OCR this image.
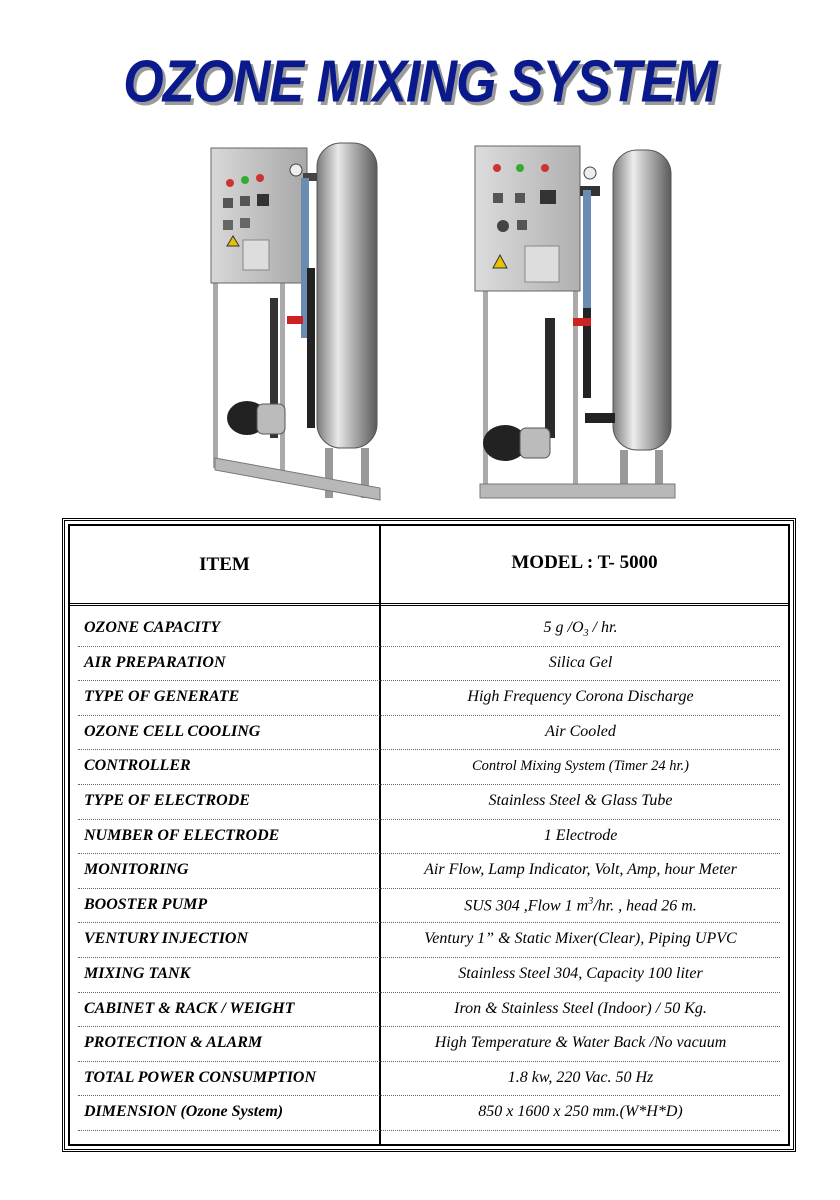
OZONE MIXING SYSTEM
ITEM	MODEL : T- 5000
OZONE CAPACITY	5 g $/O_3$ / hr.
AIR PREPARATION	Silica Gel
TYPE OF GENERATE	High Frequency Corona Discharge
OZONE CELL COOLING	Air Cooled
CONTROLLER	Control Mixing System (Timer 24 hr.)
TYPE OF ELECTRODE	Stainless Steel & Glass Tube
NUMBER OF ELECTRODE	1 Electrode
MONITORING	Air Flow, Lamp Indicator, Volt, Amp, hour Meter
BOOSTER PUMP	SUS 304 ,Flow 1 $m^3/hr$. , head 26 m.
VENTURY INJECTION	Ventury 1” & Static Mixer(Clear), Piping UPVC
MIXING TANK	Stainless Steel 304, Capacity 100 liter
CABINET & RACK / WEIGHT	Iron & Stainless Steel (Indoor) / 50 Kg.
PROTECTION & ALARM	High Temperature & Water Back /No vacuum
TOTAL POWER CONSUMPTION	1.8 kw, 220 Vac. 50 Hz
DIMENSION (Ozone System)	850 x 1600 x 250 mm.(W*H*D)
